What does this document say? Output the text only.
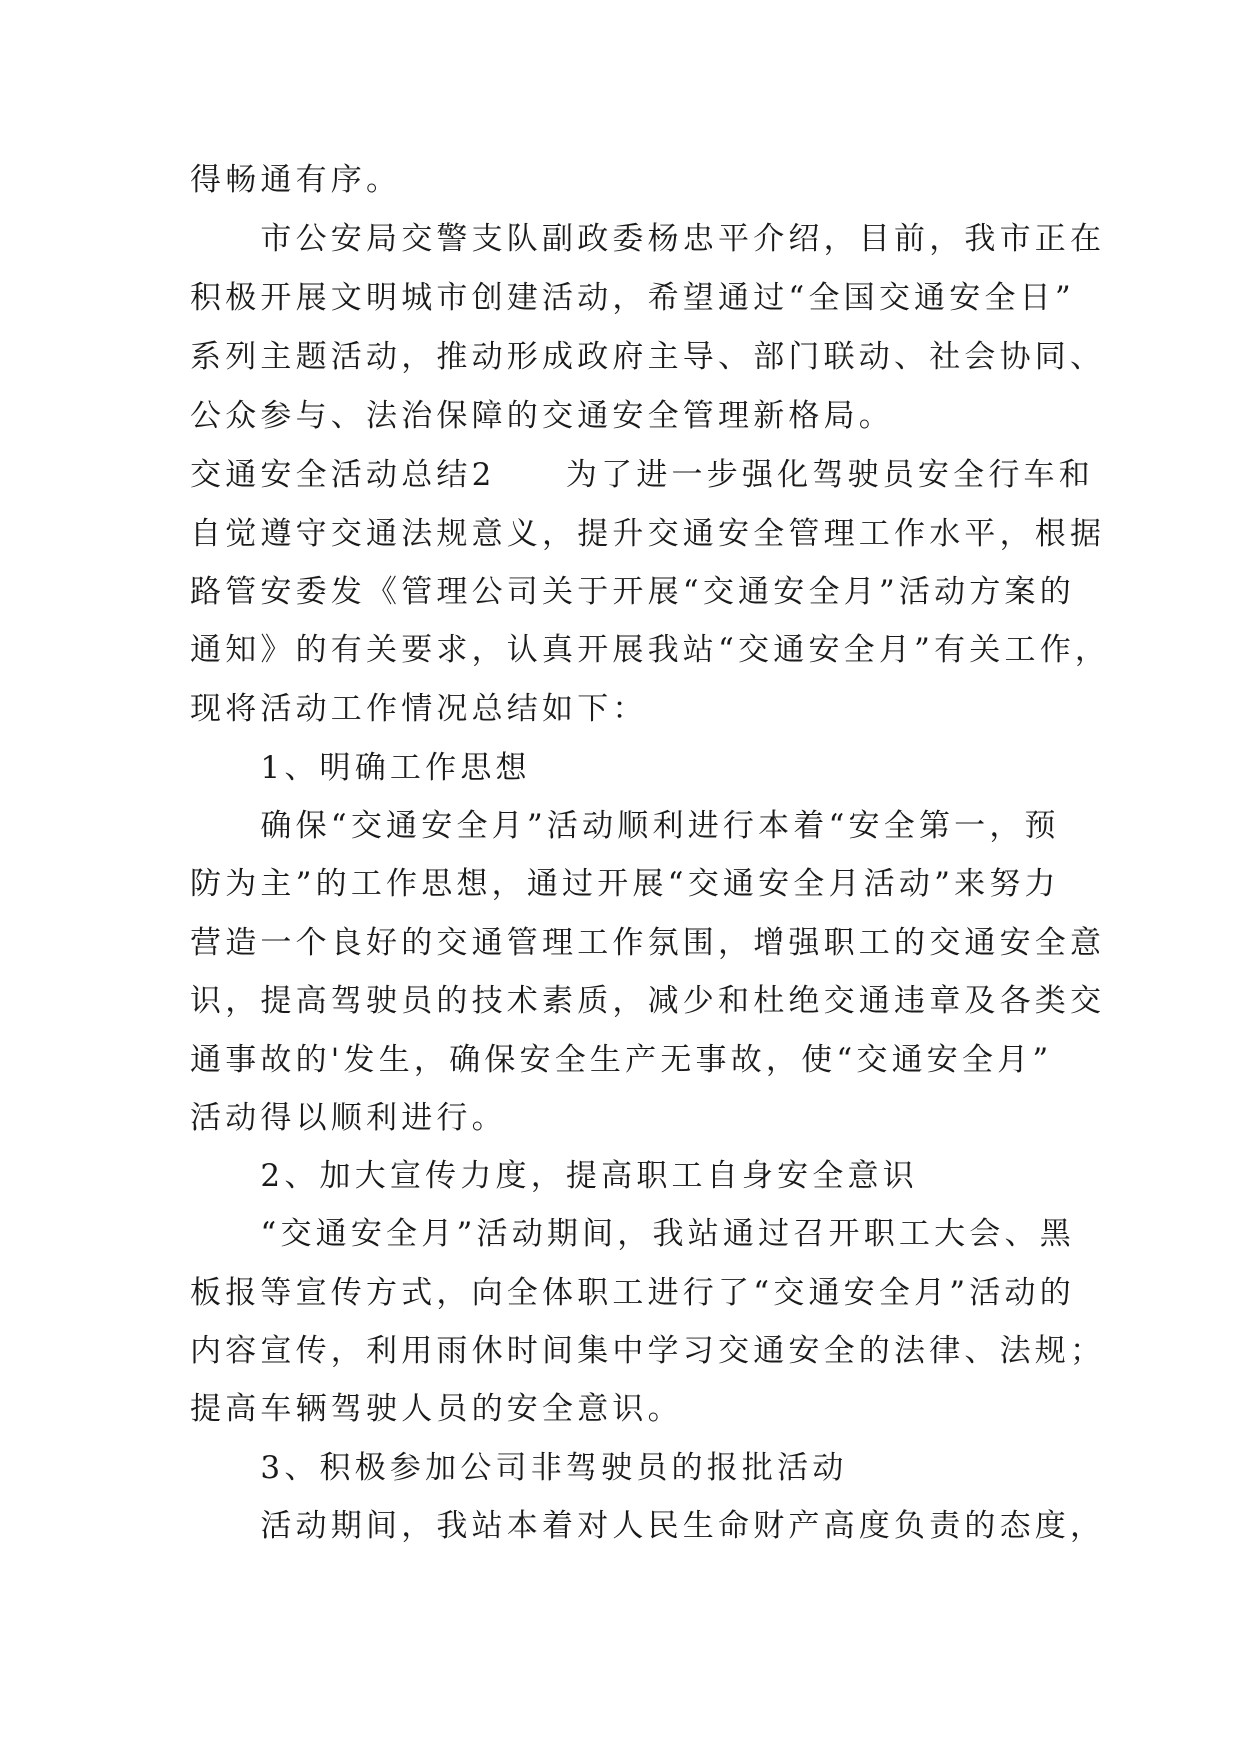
得畅通有序。

　　市公安局交警支队副政委杨忠平介绍，目前，我市正在

积极开展文明城市创建活动，希望通过“全国交通安全日”

系列主题活动，推动形成政府主导、部门联动、社会协同、

公众参与、法治保障的交通安全管理新格局。

交通安全活动总结2　　为了进一步强化驾驶员安全行车和

自觉遵守交通法规意义，提升交通安全管理工作水平，根据

路管安委发《管理公司关于开展“交通安全月”活动方案的

通知》的有关要求，认真开展我站“交通安全月”有关工作，

现将活动工作情况总结如下：

　　1、明确工作思想

　　确保“交通安全月”活动顺利进行本着“安全第一，预

防为主”的工作思想，通过开展“交通安全月活动”来努力

营造一个良好的交通管理工作氛围，增强职工的交通安全意

识，提高驾驶员的技术素质，减少和杜绝交通违章及各类交

通事故的'发生，确保安全生产无事故，使“交通安全月”

活动得以顺利进行。

　　2、加大宣传力度，提高职工自身安全意识

　　“交通安全月”活动期间，我站通过召开职工大会、黑

板报等宣传方式，向全体职工进行了“交通安全月”活动的

内容宣传，利用雨休时间集中学习交通安全的法律、法规；

提高车辆驾驶人员的安全意识。

　　3、积极参加公司非驾驶员的报批活动

　　活动期间，我站本着对人民生命财产高度负责的态度，
